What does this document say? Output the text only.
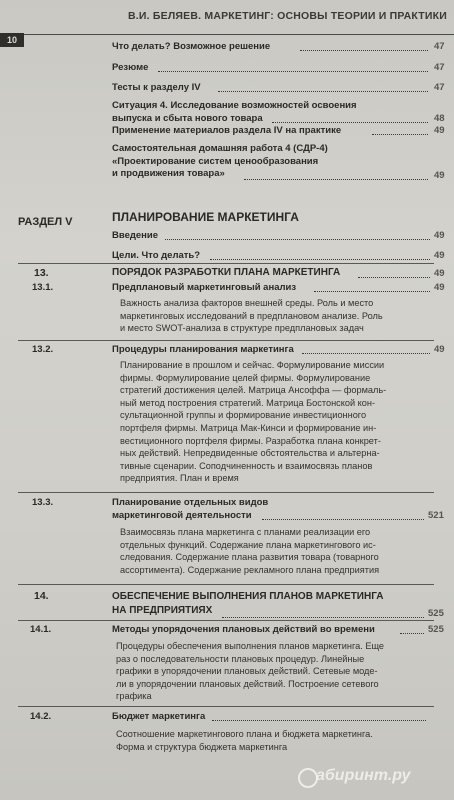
В.И. БЕЛЯЕВ. МАРКЕТИНГ: ОСНОВЫ ТЕОРИИ И ПРАКТИКИ
10
Что делать? Возможное решение	47
Резюме	47
Тесты к разделу IV	47
Ситуация 4. Исследование возможностей освоения
выпуска и сбыта нового товара	48
Применение материалов раздела IV на практике	49
Самостоятельная домашняя работа 4 (СДР-4)
«Проектирование систем ценообразования
и продвижения товара»	49
РАЗДЕЛ V	ПЛАНИРОВАНИЕ МАРКЕТИНГА
Введение	49
Цели. Что делать?	49
13.	ПОРЯДОК РАЗРАБОТКИ ПЛАНА МАРКЕТИНГА	49
13.1.	Предплановый маркетинговый анализ	49
Важность анализа факторов внешней среды. Роль и место
маркетинговых исследований в предплановом анализе. Роль
и место SWOT-анализа в структуре предплановых задач
13.2.	Процедуры планирования маркетинга	49
Планирование в прошлом и сейчас. Формулирование миссии
фирмы. Формулирование целей фирмы. Формулирование
стратегий достижения целей. Матрица Ансоффа — формаль-
ный метод построения стратегий. Матрица Бостонской кон-
сультационной группы и формирование инвестиционного
портфеля фирмы. Матрица Мак-Кинси и формирование ин-
вестиционного портфеля фирмы. Разработка плана конкрет-
ных действий. Непредвиденные обстоятельства и альтерна-
тивные сценарии. Соподчиненность и взаимосвязь планов
предприятия. План и время
13.3.	Планирование отдельных видов
маркетинговой деятельности	521
Взаимосвязь плана маркетинга с планами реализации его
отдельных функций. Содержание плана маркетингового ис-
следования. Содержание плана развития товара (товарного
ассортимента). Содержание рекламного плана предприятия
14.	ОБЕСПЕЧЕНИЕ ВЫПОЛНЕНИЯ ПЛАНОВ МАРКЕТИНГА
НА ПРЕДПРИЯТИЯХ	525
14.1.	Методы упорядочения плановых действий во времени	525
Процедуры обеспечения выполнения планов маркетинга. Еще
раз о последовательности плановых процедур. Линейные
графики в упорядочении плановых действий. Сетевые моде-
ли в упорядочении плановых действий. Построение сетевого
графика
14.2.	Бюджет маркетинга
Соотношение маркетингового плана и бюджета маркетинга.
Форма и структура бюджета маркетинга
абиринт.ру
